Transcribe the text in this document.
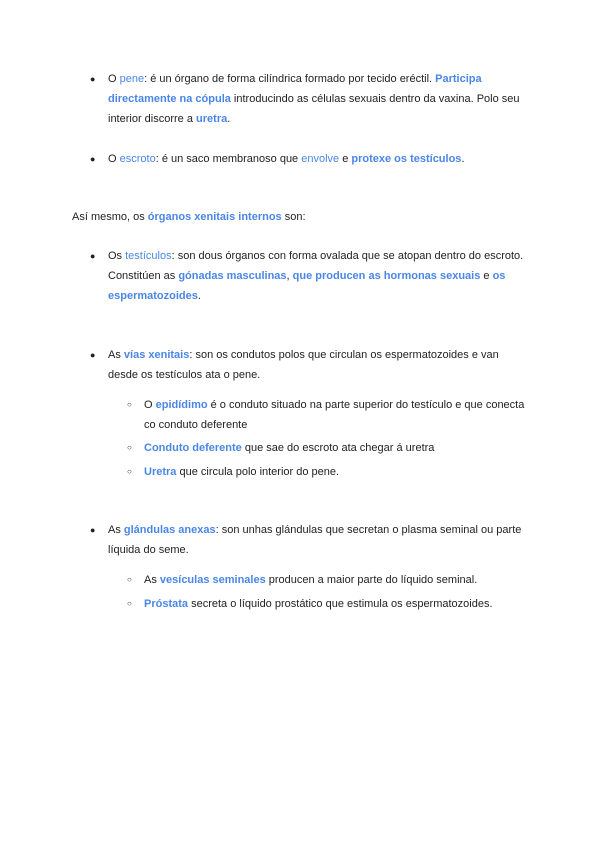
● O pene: é un órgano de forma cilíndrica formado por tecido eréctil. Participa directamente na cópula introducindo as células sexuais dentro da vaxina. Polo seu interior discorre a uretra.
● O escroto: é un saco membranoso que envolve e protexe os testículos.
Así mesmo, os órganos xenitais internos son:
● Os testículos: son dous órganos con forma ovalada que se atopan dentro do escroto. Constitúen as gónadas masculinas, que producen as hormonas sexuais e os espermatozoides.
● As vías xenitais: son os condutos polos que circulan os espermatozoides e van desde os testículos ata o pene.
○ O epidídimo é o conduto situado na parte superior do testículo e que conecta co conduto deferente
○ Conduto deferente que sae do escroto ata chegar á uretra
○ Uretra que circula polo interior do pene.
● As glándulas anexas: son unhas glándulas que secretan o plasma seminal ou parte líquida do seme.
○ As vesículas seminales producen a maior parte do líquido seminal.
○ Próstata secreta o líquido prostático que estimula os espermatozoides.
